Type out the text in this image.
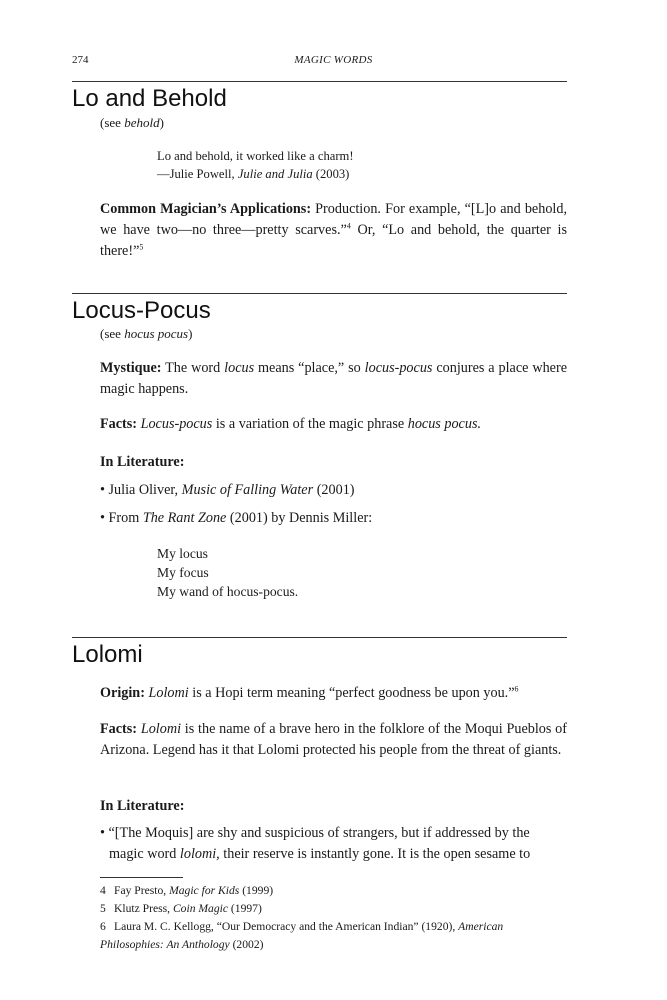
274	MAGIC WORDS
Lo and Behold
(see behold)
Lo and behold, it worked like a charm!
—Julie Powell, Julie and Julia (2003)
Common Magician’s Applications: Production. For example, “[L]o and behold, we have two—no three—pretty scarves.”$^4$ Or, “Lo and behold, the quarter is there!”$^5$
Locus-Pocus
(see hocus pocus)
Mystique: The word locus means “place,” so locus-pocus conjures a place where magic happens.
Facts: Locus-pocus is a variation of the magic phrase hocus pocus.
In Literature:
• Julia Oliver, Music of Falling Water (2001)
• From The Rant Zone (2001) by Dennis Miller:
My locus
My focus
My wand of hocus-pocus.
Lolomi
Origin: Lolomi is a Hopi term meaning “perfect goodness be upon you.”$^6$
Facts: Lolomi is the name of a brave hero in the folklore of the Moqui Pueblos of Arizona. Legend has it that Lolomi protected his people from the threat of giants.
In Literature:
• “[The Moquis] are shy and suspicious of strangers, but if addressed by the
magic word lolomi, their reserve is instantly gone. It is the open sesame to
4 Fay Presto, Magic for Kids (1999)
5 Klutz Press, Coin Magic (1997)
6 Laura M. C. Kellogg, “Our Democracy and the American Indian” (1920), American Philosophies: An Anthology (2002)
